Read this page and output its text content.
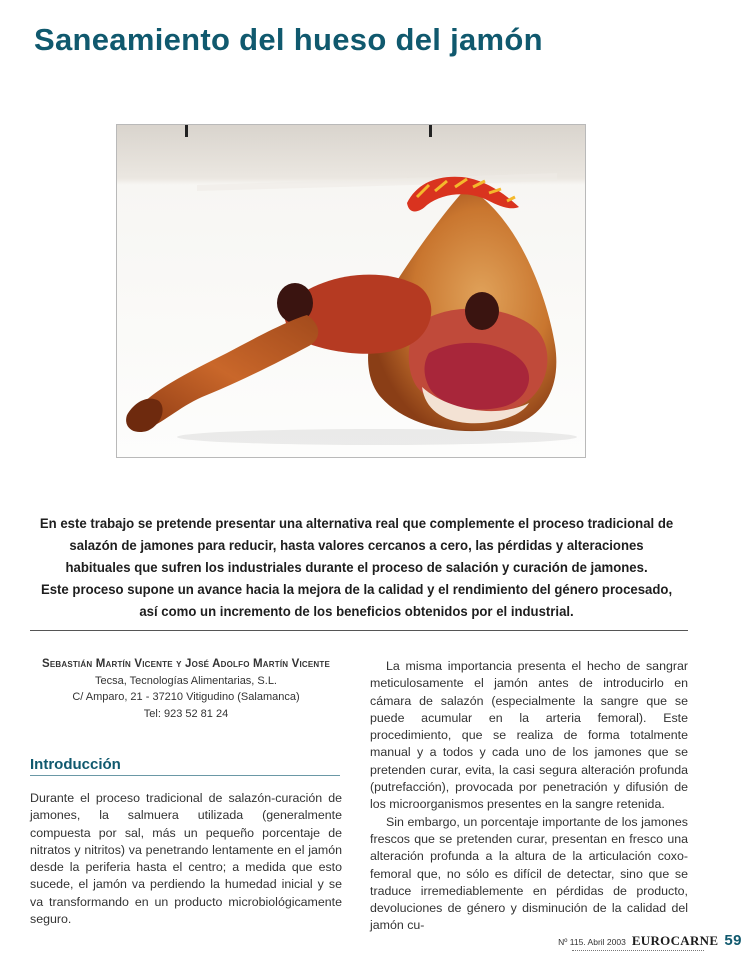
Saneamiento del hueso del jamón

En este trabajo se pretende presentar una alternativa real que complemente el proceso tradicional de salazón de jamones para reducir, hasta valores cercanos a cero, las pérdidas y alteraciones habituales que sufren los industriales durante el proceso de salación y curación de jamones.

Este proceso supone un avance hacia la mejora de la calidad y el rendimiento del género procesado, así como un incremento de los beneficios obtenidos por el industrial.

Sebastián Martín Vicente y José Adolfo Martín Vicente
Tecsa, Tecnologías Alimentarias, S.L.
C/ Amparo, 21 - 37210 Vitigudino (Salamanca)
Tel: 923 52 81 24
Introducción

Durante el proceso tradicional de salazón-curación de jamones, la salmuera utilizada (generalmente compuesta por sal, más un pequeño porcentaje de nitratos y nitritos) va penetrando lentamente en el jamón desde la periferia hasta el centro; a medida que esto sucede, el jamón va perdiendo la humedad inicial y se va transformando en un producto microbiológicamente seguro.

La misma importancia presenta el hecho de sangrar meticulosamente el jamón antes de introducirlo en cámara de salazón (especialmente la sangre que se puede acumular en la arteria femoral). Este procedimiento, que se realiza de forma totalmente manual y a todos y cada uno de los jamones que se pretenden curar, evita, la casi segura alteración profunda (putrefacción), provocada por penetración y difusión de los microorganismos presentes en la sangre retenida.

Sin embargo, un porcentaje importante de los jamones frescos que se pretenden curar, presentan en fresco una alteración profunda a la altura de la articulación coxo-femoral que, no sólo es difícil de detectar, sino que se traduce irremediablemente en pérdidas de producto, devoluciones de género y disminución de la calidad del jamón cu-

Nº 115. Abril 2003 EUROCARNE 59
